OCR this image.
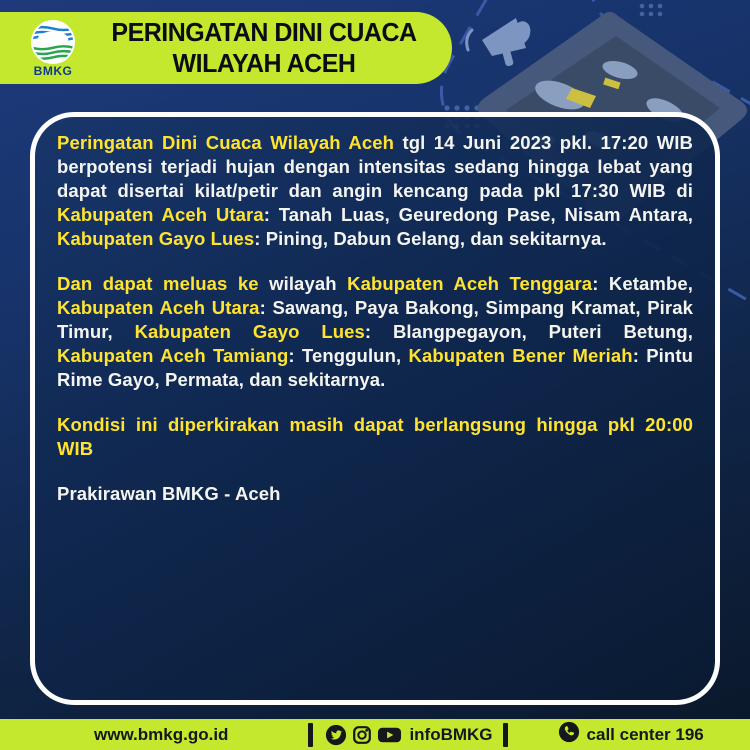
BMKG
PERINGATAN DINI CUACA
WILAYAH ACEH
Peringatan Dini Cuaca Wilayah Aceh tgl 14 Juni 2023 pkl. 17:20 WIB berpotensi terjadi hujan dengan intensitas sedang hingga lebat yang dapat disertai kilat/petir dan angin kencang pada pkl 17:30 WIB di Kabupaten Aceh Utara: Tanah Luas, Geuredong Pase, Nisam Antara, Kabupaten Gayo Lues: Pining, Dabun Gelang, dan sekitarnya.
Dan dapat meluas ke wilayah Kabupaten Aceh Tenggara: Ketambe, Kabupaten Aceh Utara: Sawang, Paya Bakong, Simpang Kramat, Pirak Timur, Kabupaten Gayo Lues: Blangpegayon, Puteri Betung, Kabupaten Aceh Tamiang: Tenggulun, Kabupaten Bener Meriah: Pintu Rime Gayo, Permata, dan sekitarnya.
Kondisi ini diperkirakan masih dapat berlangsung hingga pkl 20:00 WIB
Prakirawan BMKG - Aceh
www.bmkg.go.id	infoBMKG	call center 196
